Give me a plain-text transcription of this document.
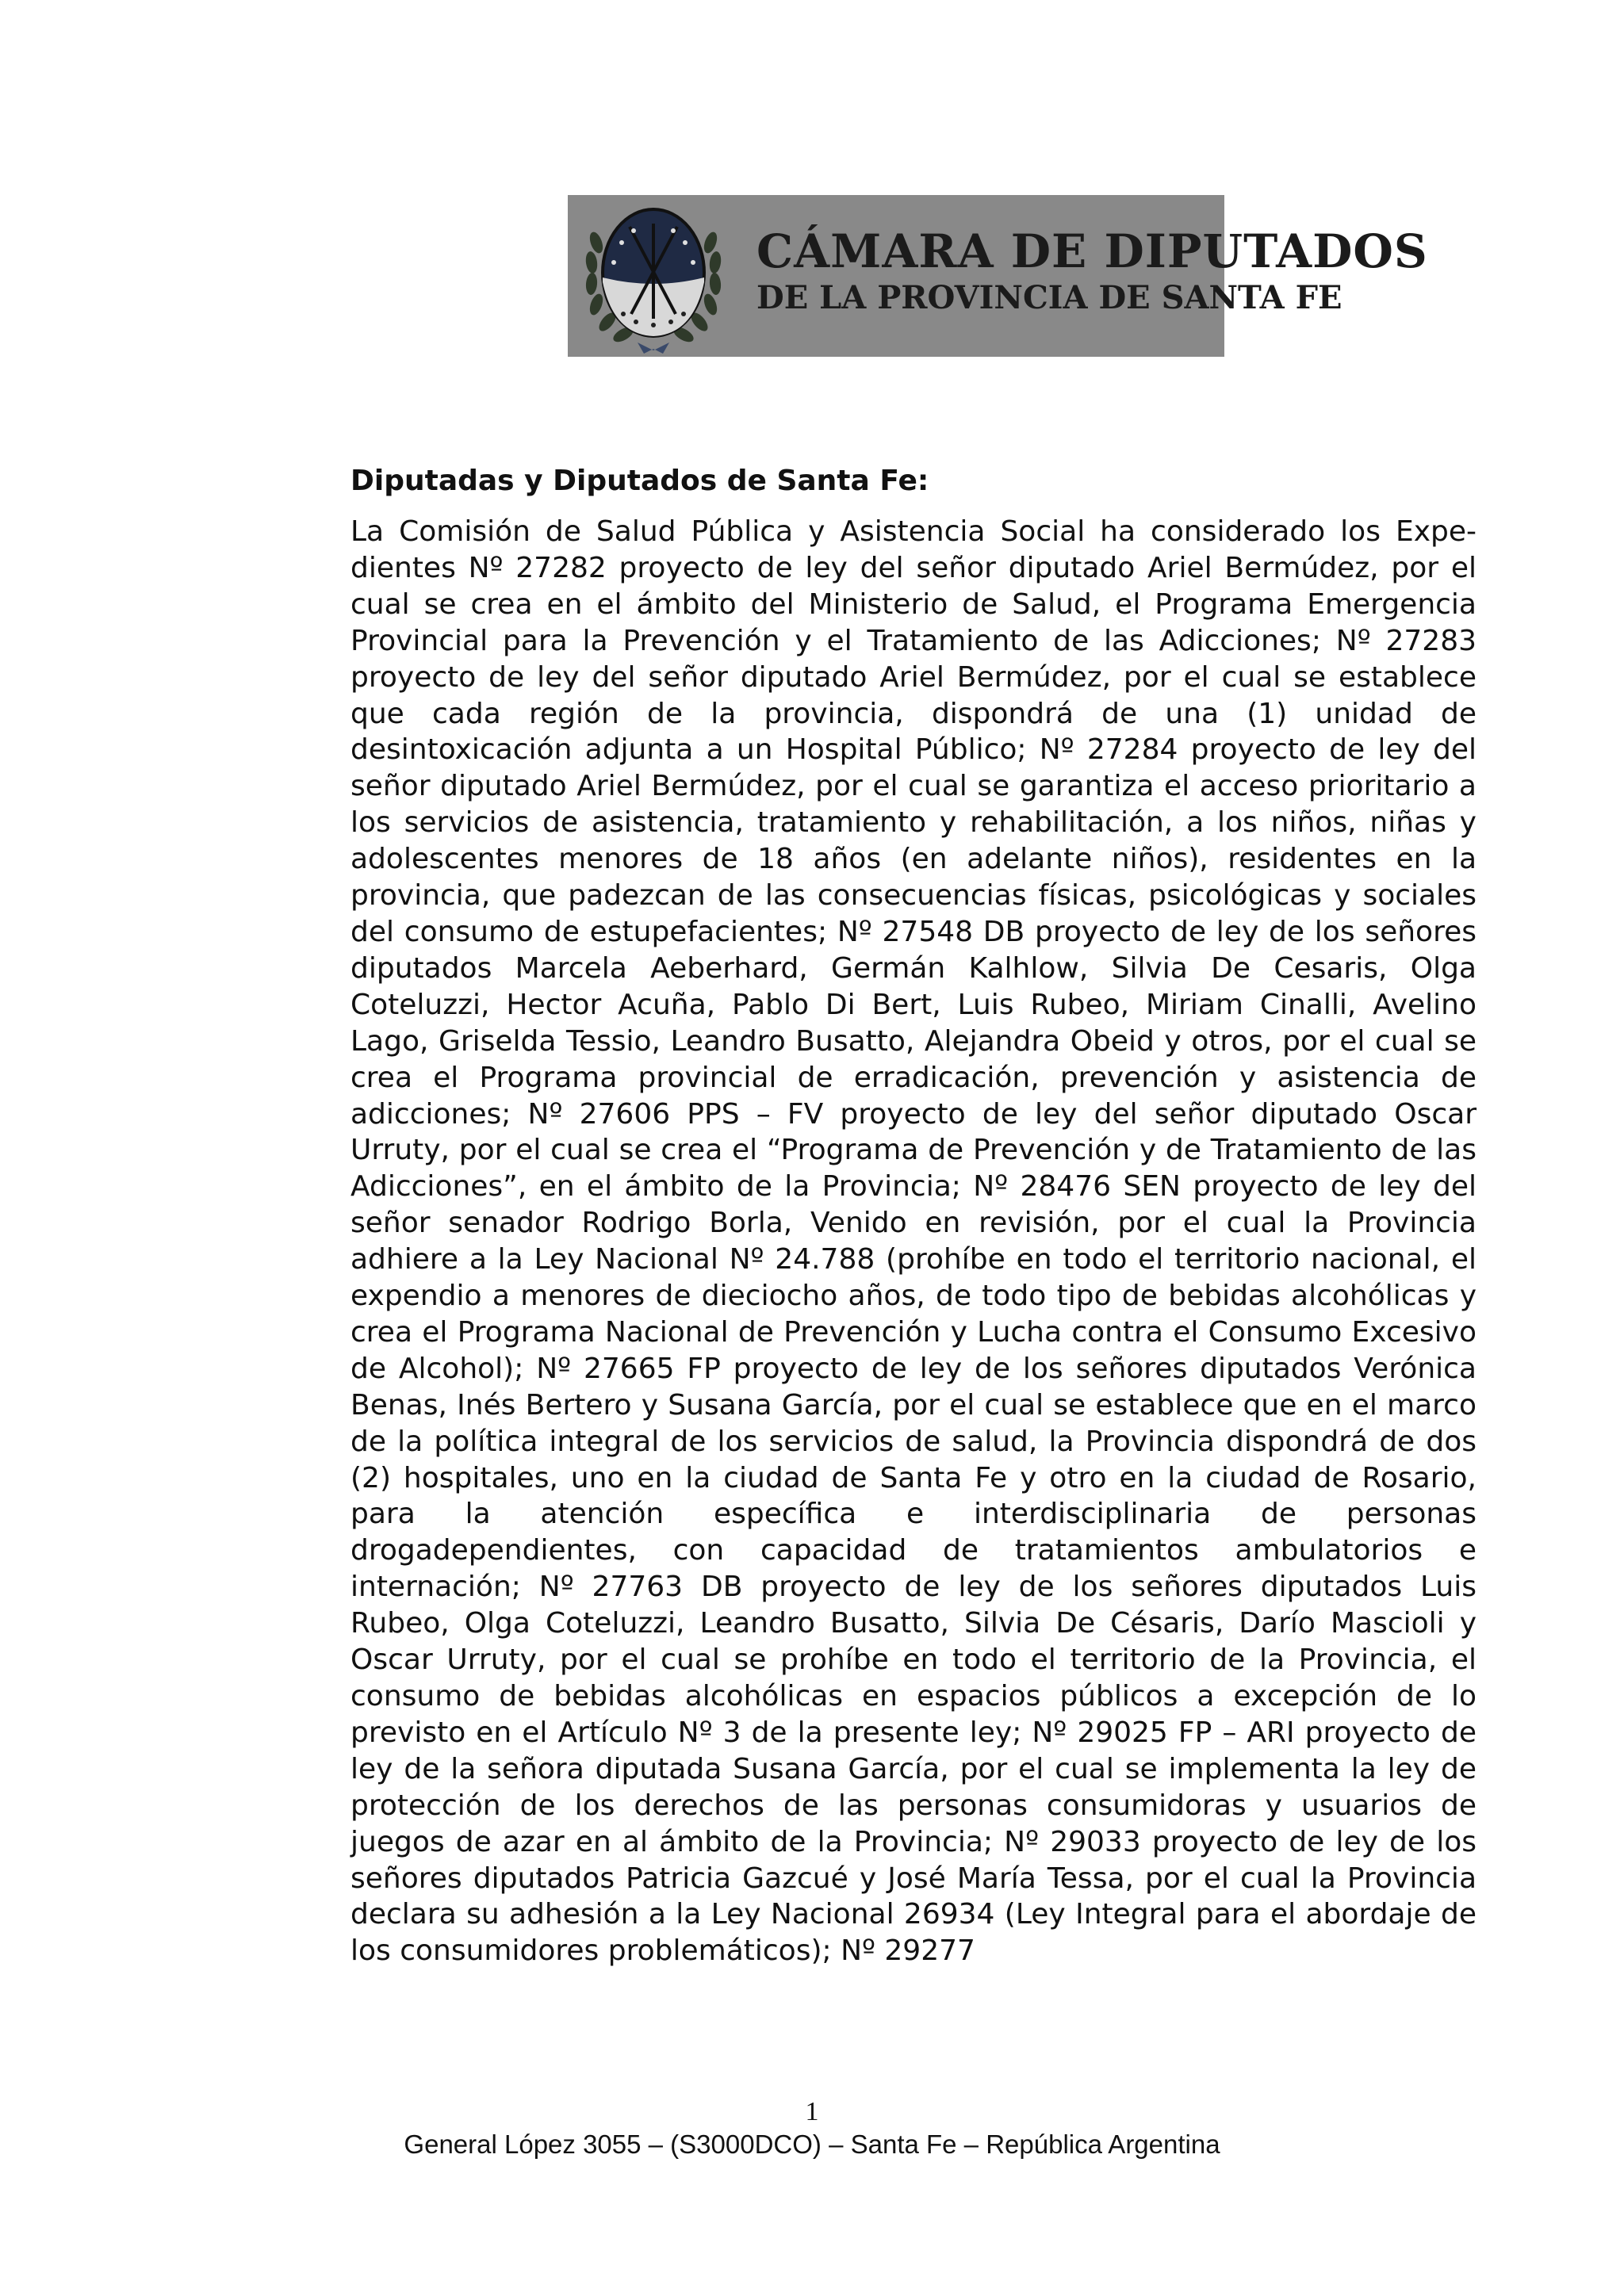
CÁMARA DE DIPUTADOS
DE LA PROVINCIA DE SANTA FE
Diputadas y Diputados de Santa Fe:

La Comisión de Salud Pública y Asistencia Social ha considerado los Expedientes Nº 27282 proyecto de ley del señor diputado Ariel Bermúdez, por el cual se crea en el ámbito del Ministerio de Salud, el Programa Emergencia Provincial para la Prevención y el Tratamiento de las Adicciones; Nº 27283 proyecto de ley del señor diputado Ariel Bermúdez, por el cual se establece que cada región de la provincia, dispondrá de una (1) unidad de desintoxicación adjunta a un Hospital Público; Nº 27284 proyecto de ley del señor diputado Ariel Bermúdez, por el cual se garantiza el acceso prioritario a los servicios de asistencia, tratamiento y rehabilitación, a los niños, niñas y adolescentes menores de 18 años (en adelante niños), residentes en la provincia, que padezcan de las consecuencias físicas, psicológicas y sociales del consumo de estupefacientes; Nº 27548 DB proyecto de ley de los señores diputados Marcela Aeberhard, Germán Kalhlow, Silvia De Cesaris, Olga Coteluzzi, Hector Acuña, Pablo Di Bert, Luis Rubeo, Miriam Cinalli, Avelino Lago, Griselda Tessio, Leandro Busatto, Alejandra Obeid y otros, por el cual se crea el Programa provincial de erradicación, prevención y asistencia de adicciones; Nº 27606 PPS – FV proyecto de ley del señor diputado Oscar Urruty, por el cual se crea el “Programa de Prevención y de Tratamiento de las Adicciones”, en el ámbito de la Provincia; Nº 28476 SEN proyecto de ley del señor senador Rodrigo Borla, Venido en revisión, por el cual la Provincia adhiere a la Ley Nacional Nº 24.788 (prohíbe en todo el territorio nacional, el expendio a menores de dieciocho años, de todo tipo de bebidas alcohólicas y crea el Programa Nacional de Prevención y Lucha contra el Consumo Excesivo de Alcohol); Nº 27665 FP proyecto de ley de los señores diputados Verónica Benas, Inés Bertero y Susana García, por el cual se establece que en el marco de la política integral de los servicios de salud, la Provincia dispondrá de dos (2) hospitales, uno en la ciudad de Santa Fe y otro en la ciudad de Rosario, para la atención específica e interdisciplinaria de personas drogadependientes, con capacidad de tratamientos ambulatorios e internación; Nº 27763 DB proyecto de ley de los señores diputados Luis Rubeo, Olga Coteluzzi, Leandro Busatto, Silvia De Césaris, Darío Mascioli y Oscar Urruty, por el cual se prohíbe en todo el territorio de la Provincia, el consumo de bebidas alcohólicas en espacios públicos a excepción de lo previsto en el Artículo Nº 3 de la presente ley; Nº 29025 FP – ARI proyecto de ley de la señora diputada Susana García, por el cual se implementa la ley de protección de los derechos de las personas consumidoras y usuarios de juegos de azar en al ámbito de la Provincia; Nº 29033 proyecto de ley de los señores diputados Patricia Gazcué y José María Tessa, por el cual la Provincia declara su adhesión a la Ley Nacional 26934 (Ley Integral para el abordaje de los consumidores problemáticos); Nº 29277

1
General López 3055 – (S3000DCO) – Santa Fe – República Argentina
